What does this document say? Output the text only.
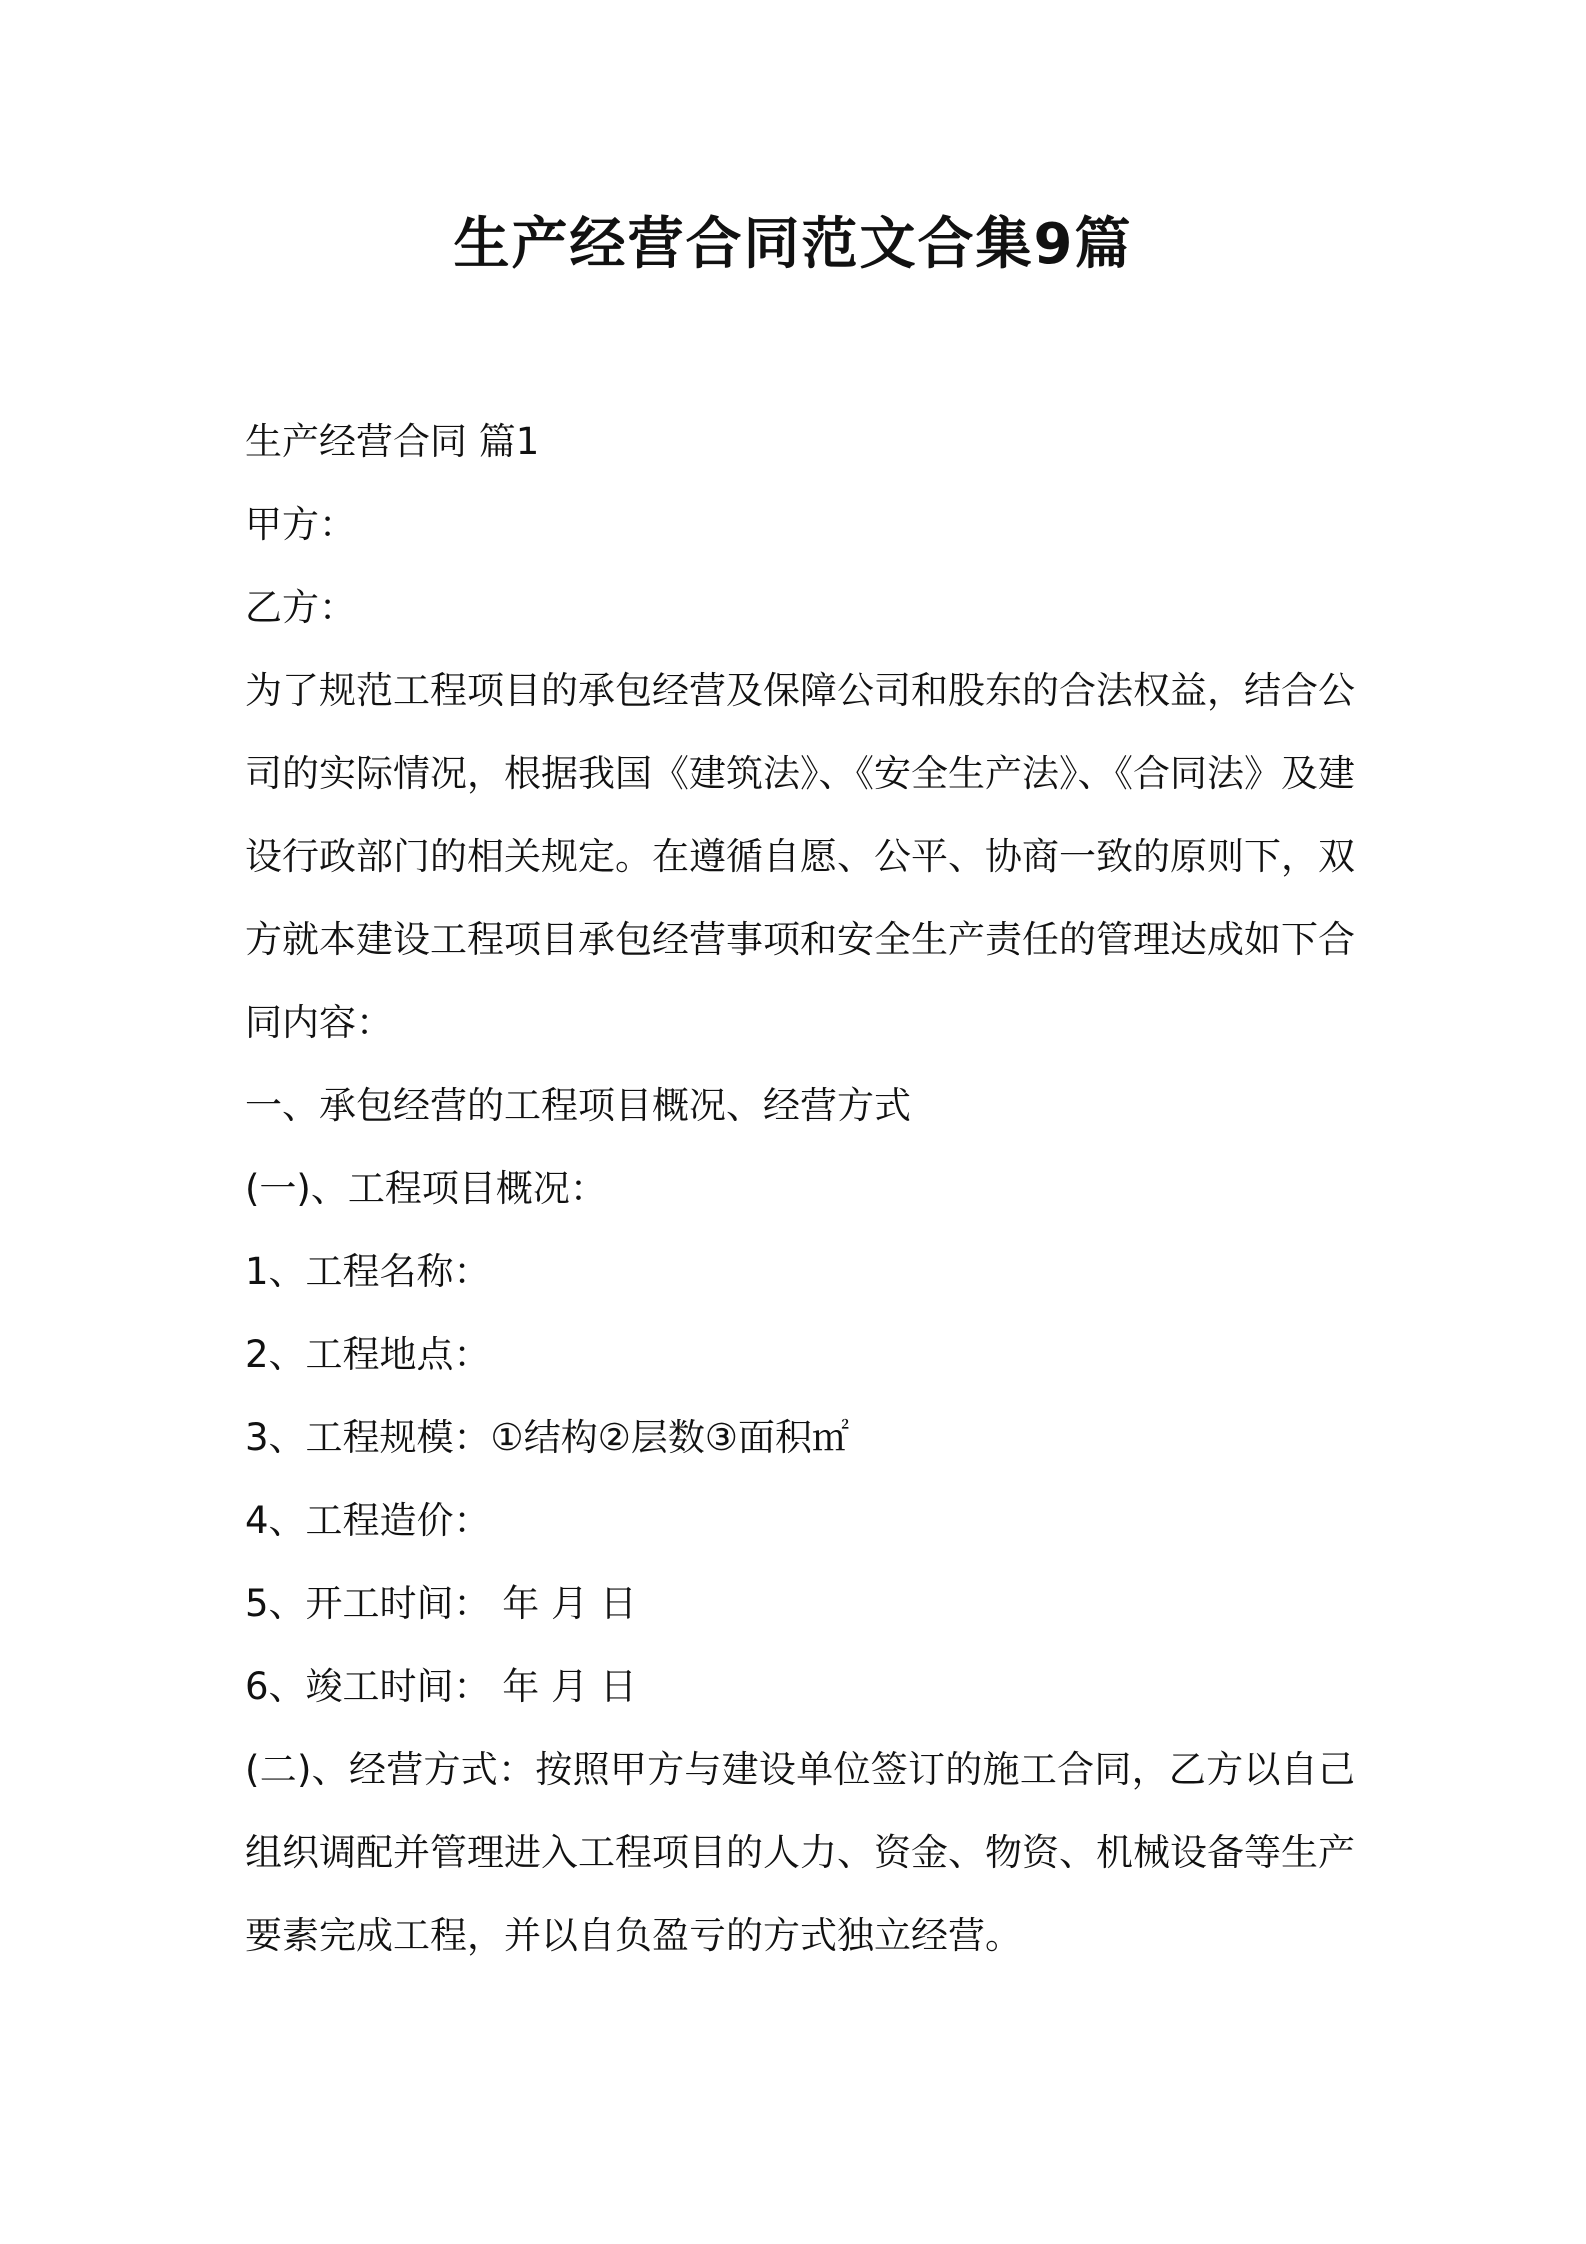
生产经营合同范文合集9篇
生产经营合同 篇1
甲方：
乙方：
为了规范工程项目的承包经营及保障公司和股东的合法权益，结合公司的实际情况，根据我国《建筑法》、《安全生产法》、《合同法》及建设行政部门的相关规定。在遵循自愿、公平、协商一致的原则下，双方就本建设工程项目承包经营事项和安全生产责任的管理达成如下合同内容：
一、承包经营的工程项目概况、经营方式
(一)、工程项目概况：
1、工程名称：
2、工程地点：
3、工程规模：①结构②层数③面积㎡
4、工程造价：
5、开工时间： 年 月 日
6、竣工时间： 年 月 日
(二)、经营方式：按照甲方与建设单位签订的施工合同，乙方以自己组织调配并管理进入工程项目的人力、资金、物资、机械设备等生产要素完成工程，并以自负盈亏的方式独立经营。
